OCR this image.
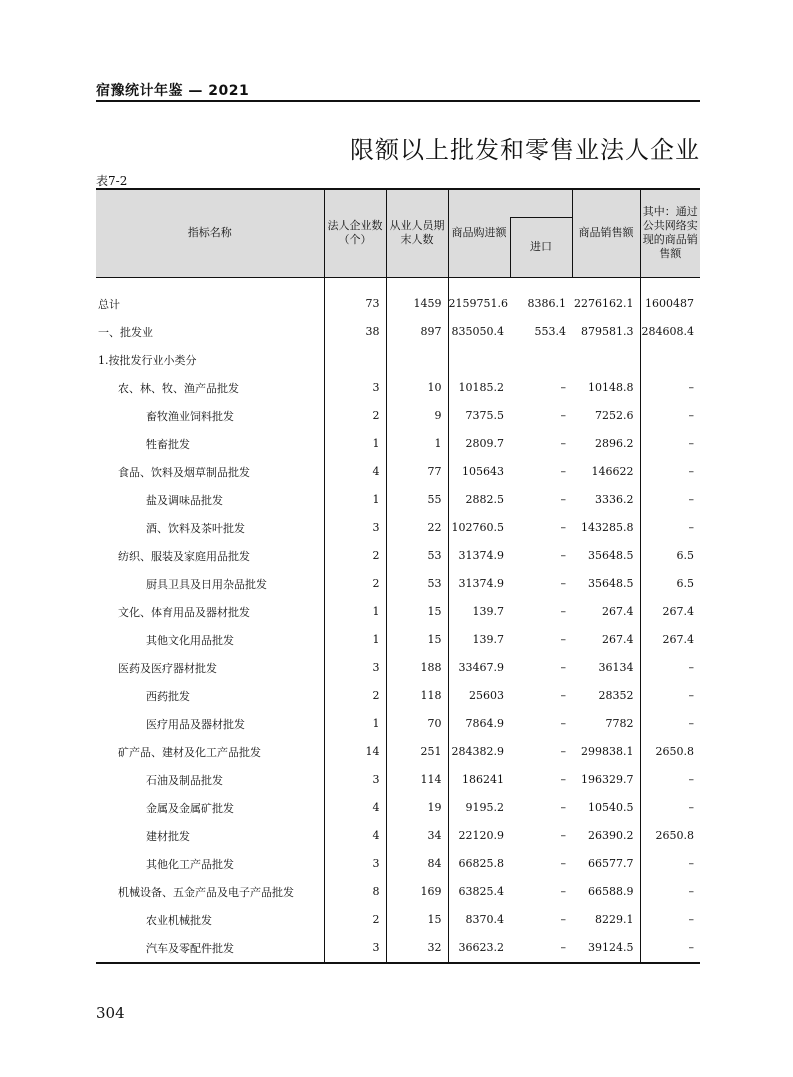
宿豫统计年鉴 — 2021
限额以上批发和零售业法人企业
表7-2
指标名称	法人企业数（个）	从业人员期末人数	商品购进额		商品销售额	其中：通过公共网络实现的商品销售额
				进口		

总计	73	1459	2159751.6	8386.1	2276162.1	1600487
一、批发业	38	897	835050.4	553.4	879581.3	284608.4
1.按批发行业小类分						
农、林、牧、渔产品批发	3	10	10185.2	–	10148.8	–
畜牧渔业饲料批发	2	9	7375.5	–	7252.6	–
牲畜批发	1	1	2809.7	–	2896.2	–
食品、饮料及烟草制品批发	4	77	105643	–	146622	–
盐及调味品批发	1	55	2882.5	–	3336.2	–
酒、饮料及茶叶批发	3	22	102760.5	–	143285.8	–
纺织、服装及家庭用品批发	2	53	31374.9	–	35648.5	6.5
厨具卫具及日用杂品批发	2	53	31374.9	–	35648.5	6.5
文化、体育用品及器材批发	1	15	139.7	–	267.4	267.4
其他文化用品批发	1	15	139.7	–	267.4	267.4
医药及医疗器材批发	3	188	33467.9	–	36134	–
西药批发	2	118	25603	–	28352	–
医疗用品及器材批发	1	70	7864.9	–	7782	–
矿产品、建材及化工产品批发	14	251	284382.9	–	299838.1	2650.8
石油及制品批发	3	114	186241	–	196329.7	–
金属及金属矿批发	4	19	9195.2	–	10540.5	–
建材批发	4	34	22120.9	–	26390.2	2650.8
其他化工产品批发	3	84	66825.8	–	66577.7	–
机械设备、五金产品及电子产品批发	8	169	63825.4	–	66588.9	–
农业机械批发	2	15	8370.4	–	8229.1	–
汽车及零配件批发	3	32	36623.2	–	39124.5	–
304
